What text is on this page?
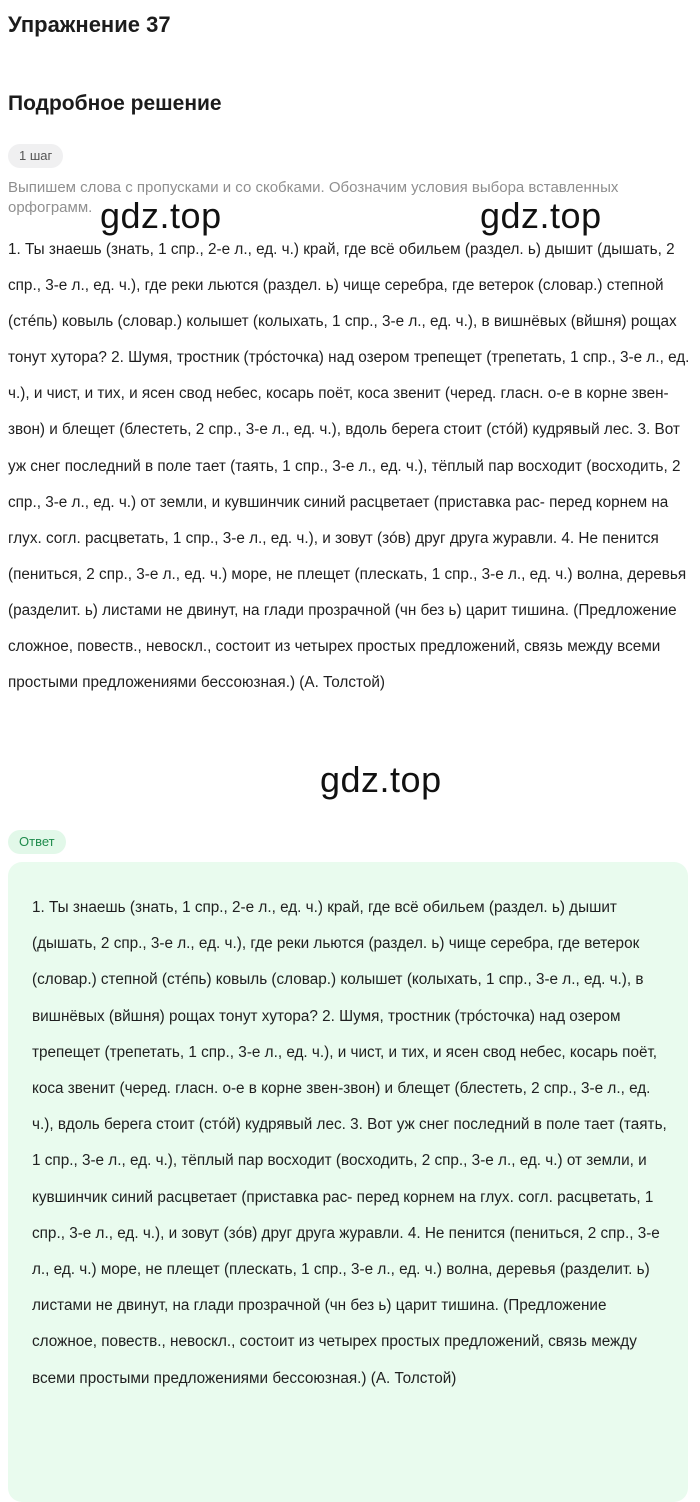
Упражнение 37
Подробное решение
1 шаг

Выпишем слова с пропусками и со скобками. Обозначим условия выбора вставленных орфограмм.

1. Ты знаешь (знать, 1 спр., 2-е л., ед. ч.) край, где всё обильем (раздел. ь) дышит (дышать, 2 спр., 3-е л., ед. ч.), где реки льются (раздел. ь) чище серебра, где ветерок (словар.) степной (стéпь) ковыль (словар.) колышет (колыхать, 1 спр., 3-е л., ед. ч.), в вишнёвых (вйшня) рощах тонут хутора? 2. Шумя, тростник (трóсточка) над озером трепещет (трепетать, 1 спр., 3-е л., ед. ч.), и чист, и тих, и ясен свод небес, косарь поёт, коса звенит (черед. гласн. о-е в корне звен-звон) и блещет (блестеть, 2 спр., 3-е л., ед. ч.), вдоль берега стоит (стóй) кудрявый лес. 3. Вот уж снег последний в поле тает (таять, 1 спр., 3-е л., ед. ч.), тёплый пар восходит (восходить, 2 спр., 3-е л., ед. ч.) от земли, и кувшинчик синий расцветает (приставка рас- перед корнем на глух. согл. расцветать, 1 спр., 3-е л., ед. ч.), и зовут (зóв) друг друга журавли. 4. Не пенится (пениться, 2 спр., 3-е л., ед. ч.) море, не плещет (плескать, 1 спр., 3-е л., ед. ч.) волна, деревья (разделит. ь) листами не двинут, на глади прозрачной (чн без ь) царит тишина. (Предложение сложное, повеств., невоскл., состоит из четырех простых предложений, связь между всеми простыми предложениями бессоюзная.) (А. Толстой)

Ответ

1. Ты знаешь (знать, 1 спр., 2-е л., ед. ч.) край, где всё обильем (раздел. ь) дышит (дышать, 2 спр., 3-е л., ед. ч.), где реки льются (раздел. ь) чище серебра, где ветерок (словар.) степной (стéпь) ковыль (словар.) колышет (колыхать, 1 спр., 3-е л., ед. ч.), в вишнёвых (вйшня) рощах тонут хутора? 2. Шумя, тростник (трóсточка) над озером трепещет (трепетать, 1 спр., 3-е л., ед. ч.), и чист, и тих, и ясен свод небес, косарь поёт, коса звенит (черед. гласн. о-е в корне звен-звон) и блещет (блестеть, 2 спр., 3-е л., ед. ч.), вдоль берега стоит (стóй) кудрявый лес. 3. Вот уж снег последний в поле тает (таять, 1 спр., 3-е л., ед. ч.), тёплый пар восходит (восходить, 2 спр., 3-е л., ед. ч.) от земли, и кувшинчик синий расцветает (приставка рас- перед корнем на глух. согл. расцветать, 1 спр., 3-е л., ед. ч.), и зовут (зóв) друг друга журавли. 4. Не пенится (пениться, 2 спр., 3-е л., ед. ч.) море, не плещет (плескать, 1 спр., 3-е л., ед. ч.) волна, деревья (разделит. ь) листами не двинут, на глади прозрачной (чн без ь) царит тишина. (Предложение сложное, повеств., невоскл., состоит из четырех простых предложений, связь между всеми простыми предложениями бессоюзная.) (А. Толстой)

gdz.top	gdz.top
gdz.top
